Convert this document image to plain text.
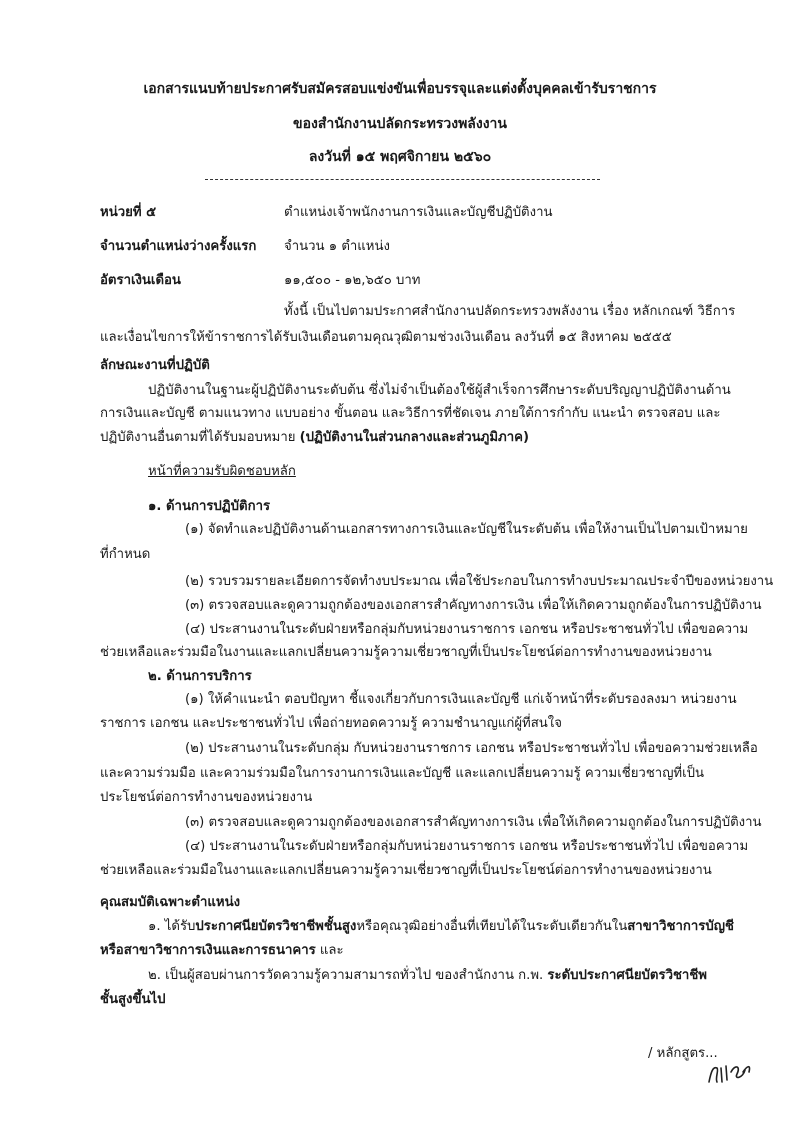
เอกสารแนบท้ายประกาศรับสมัครสอบแข่งขันเพื่อบรรจุและแต่งตั้งบุคคลเข้ารับราชการ
ของสำนักงานปลัดกระทรวงพลังงาน
ลงวันที่ ๑๕ พฤศจิกายน ๒๕๖๐
หน่วยที่ ๕	ตำแหน่งเจ้าพนักงานการเงินและบัญชีปฏิบัติงาน
จำนวนตำแหน่งว่างครั้งแรก จำนวน ๑ ตำแหน่ง
อัตราเงินเดือน	๑๑,๕๐๐ - ๑๒,๖๕๐ บาท
ทั้งนี้ เป็นไปตามประกาศสำนักงานปลัดกระทรวงพลังงาน เรื่อง หลักเกณฑ์ วิธีการ
และเงื่อนไขการให้ข้าราชการได้รับเงินเดือนตามคุณวุฒิตามช่วงเงินเดือน ลงวันที่ ๑๕ สิงหาคม ๒๕๕๕
ลักษณะงานที่ปฏิบัติ
ปฏิบัติงานในฐานะผู้ปฏิบัติงานระดับต้น ซึ่งไม่จำเป็นต้องใช้ผู้สำเร็จการศึกษาระดับปริญญาปฏิบัติงานด้าน
การเงินและบัญชี ตามแนวทาง แบบอย่าง ขั้นตอน และวิธีการที่ชัดเจน ภายใต้การกำกับ แนะนำ ตรวจสอบ และ
ปฏิบัติงานอื่นตามที่ได้รับมอบหมาย (ปฏิบัติงานในส่วนกลางและส่วนภูมิภาค)
หน้าที่ความรับผิดชอบหลัก
๑. ด้านการปฏิบัติการ
(๑) จัดทำและปฏิบัติงานด้านเอกสารทางการเงินและบัญชีในระดับต้น เพื่อให้งานเป็นไปตามเป้าหมาย
ที่กำหนด
(๒) รวบรวมรายละเอียดการจัดทำงบประมาณ เพื่อใช้ประกอบในการทำงบประมาณประจำปีของหน่วยงาน
(๓) ตรวจสอบและดูความถูกต้องของเอกสารสำคัญทางการเงิน เพื่อให้เกิดความถูกต้องในการปฏิบัติงาน
(๔) ประสานงานในระดับฝ่ายหรือกลุ่มกับหน่วยงานราชการ เอกชน หรือประชาชนทั่วไป เพื่อขอความ
ช่วยเหลือและร่วมมือในงานและแลกเปลี่ยนความรู้ความเชี่ยวชาญที่เป็นประโยชน์ต่อการทำงานของหน่วยงาน
๒. ด้านการบริการ
(๑) ให้คำแนะนำ ตอบปัญหา ชี้แจงเกี่ยวกับการเงินและบัญชี แก่เจ้าหน้าที่ระดับรองลงมา หน่วยงาน
ราชการ เอกชน และประชาชนทั่วไป เพื่อถ่ายทอดความรู้ ความชำนาญแก่ผู้ที่สนใจ
(๒) ประสานงานในระดับกลุ่ม กับหน่วยงานราชการ เอกชน หรือประชาชนทั่วไป เพื่อขอความช่วยเหลือ
และความร่วมมือ และความร่วมมือในการงานการเงินและบัญชี และแลกเปลี่ยนความรู้ ความเชี่ยวชาญที่เป็น
ประโยชน์ต่อการทำงานของหน่วยงาน
(๓) ตรวจสอบและดูความถูกต้องของเอกสารสำคัญทางการเงิน เพื่อให้เกิดความถูกต้องในการปฏิบัติงาน
(๔) ประสานงานในระดับฝ่ายหรือกลุ่มกับหน่วยงานราชการ เอกชน หรือประชาชนทั่วไป เพื่อขอความ
ช่วยเหลือและร่วมมือในงานและแลกเปลี่ยนความรู้ความเชี่ยวชาญที่เป็นประโยชน์ต่อการทำงานของหน่วยงาน
คุณสมบัติเฉพาะตำแหน่ง
๑. ได้รับประกาศนียบัตรวิชาชีพชั้นสูงหรือคุณวุฒิอย่างอื่นที่เทียบได้ในระดับเดียวกันในสาขาวิชาการบัญชี
หรือสาขาวิชาการเงินและการธนาคาร และ
๒. เป็นผู้สอบผ่านการวัดความรู้ความสามารถทั่วไป ของสำนักงาน ก.พ. ระดับประกาศนียบัตรวิชาชีพ
ชั้นสูงขึ้นไป
/ หลักสูตร...
